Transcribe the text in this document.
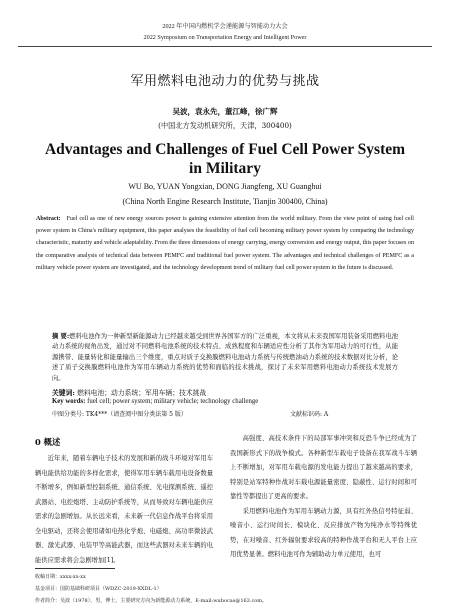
2022 年中国内燃机学会递能源与智能动力大会
2022 Symposium on Transportation Energy and Intelligent Power
军用燃料电池动力的优势与挑战
吴波，袁永先，董江峰，徐广辉
(中国北方发动机研究所，天津，300400)
Advantages and Challenges of Fuel Cell Power System
in Military
WU Bo, YUAN Yongxian, DONG Jiangfeng, XU Guanghui
(China North Engine Research Institute, Tianjin 300400, China)
Abstract: Fuel cell as one of new energy sources power is gaining extensive attention from the world military. From the view point of using fuel cell power system in China's military equipment, this paper analyses the feasibility of fuel cell becoming military power system by comparing the technology characteristic, maturity and vehicle adaptability. From the three dimensions of energy carrying, energy conversion and energy output, this paper focuses on the comparative analysis of technical data between PEMFC and traditional fuel power system. The advantages and technical challenges of PEMFC as a military vehicle power system are investigated, and the technology development trend of military fuel cell power system in the future is discussed.
摘 要:燃料电池作为一种新型新能源动力已经越来越受到世界各国军方的广泛重视，本文将从未来我国军用装备采用燃料电池动力系统的视角出发，通过对不同燃料电池系统的技术特点、成熟程度和车辆适应性分析了其作为军用动力的可行性，从能源携带、能量转化和能量输出三个维度，重点对质子交换膜燃料电池动力系统与传统燃油动力系统的技术数据对比分析，论述了质子交换膜燃料电池作为军用车辆动力系统的优势和面临的技术挑战，探讨了未来军用燃料电池动力系统技术发展方向。
关键词: 燃料电池；动力系统；军用车辆；技术挑战
Key words: fuel cell; power system; military vehicle; technology challenge
中图分类号: TK4***（请查阅中图分类法第 5 版）	文献标识码: A
0 概述

近年来，随着车辆电子技术的发展和新的战斗环境对军用车辆电能供给功能的多样化需求，使得军用车辆车载用电设备数量不断增多，例如新型控制系统、通信系统、光电探测系统、遥控武器站、电控炮塔、主动防护系统等，从而导致对车辆电能供应需求的急剧增加。从长远来看，未来新一代信息作战平台将采用全电驱动，还将会使用诸如电热化学炮、电磁炮、高功率微波武器、激光武器、电装甲等高能武器，而这些武器对未来车辆的电能供应需求将会急剧增加[1]。

高强度、高技术条件下的局部军事冲突和反恐斗争已经成为了我国新形式下的战争模式。各种新型车载电子设备在我军战斗车辆上不断增加，对军用车载电源的发电能力提出了越来越高的要求，特别是站军特种作战对车载电源能量密度、隐蔽性、运行时间和可靠性等都提出了更高的要求。

采用燃料电池作为军用车辆动力源，具有红外热信号特征弱、噪音小、运行时间长、模块化、反应排放产物为纯净水等特殊优势，在对噪音、红外辐射要求较高的特种作战平台和无人平台上应用优势显著。燃料电池可作为辅助动力单元使用，也可

收稿日期：xxxx-xx-xx
基金项目：国防基础科研项目（WDZC-2019-XXDL-1）
作者简介：吴波（1978），男，博士，主要研究方向为新能源动力系统，E-mail:wubocas@163.com。
